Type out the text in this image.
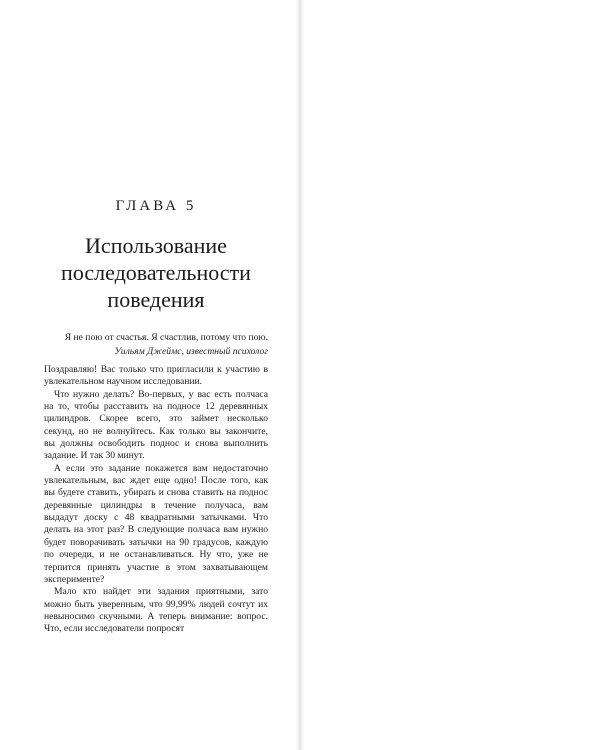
ГЛАВА 5
Использование последовательности поведения
Я не пою от счастья. Я счастлив, потому что пою.
Уильям Джеймс, известный психолог

Поздравляю! Вас только что пригласили к участию в увлекательном научном исследовании.

Что нужно делать? Во-первых, у вас есть полчаса на то, чтобы расставить на подносе 12 деревянных цилиндров. Скорее всего, это займет несколько секунд, но не волнуйтесь. Как только вы закончите, вы должны освободить поднос и снова выполнить задание. И так 30 минут.

А если это задание покажется вам недостаточно увлекательным, вас ждет еще одно! После того, как вы будете ставить, убирать и снова ставить на поднос деревянные цилиндры в течение получаса, вам выдадут доску с 48 квадратными затычками. Что делать на этот раз? В следующие полчаса вам нужно будет поворачивать затычки на 90 градусов, каждую по очереди, и не останавливаться. Ну что, уже не терпится принять участие в этом захватывающем эксперименте?

Мало кто найдет эти задания приятными, зато можно быть уверенным, что 99,99% людей сочтут их невыносимо скучными. А теперь внимание: вопрос. Что, если исследователи попросят
